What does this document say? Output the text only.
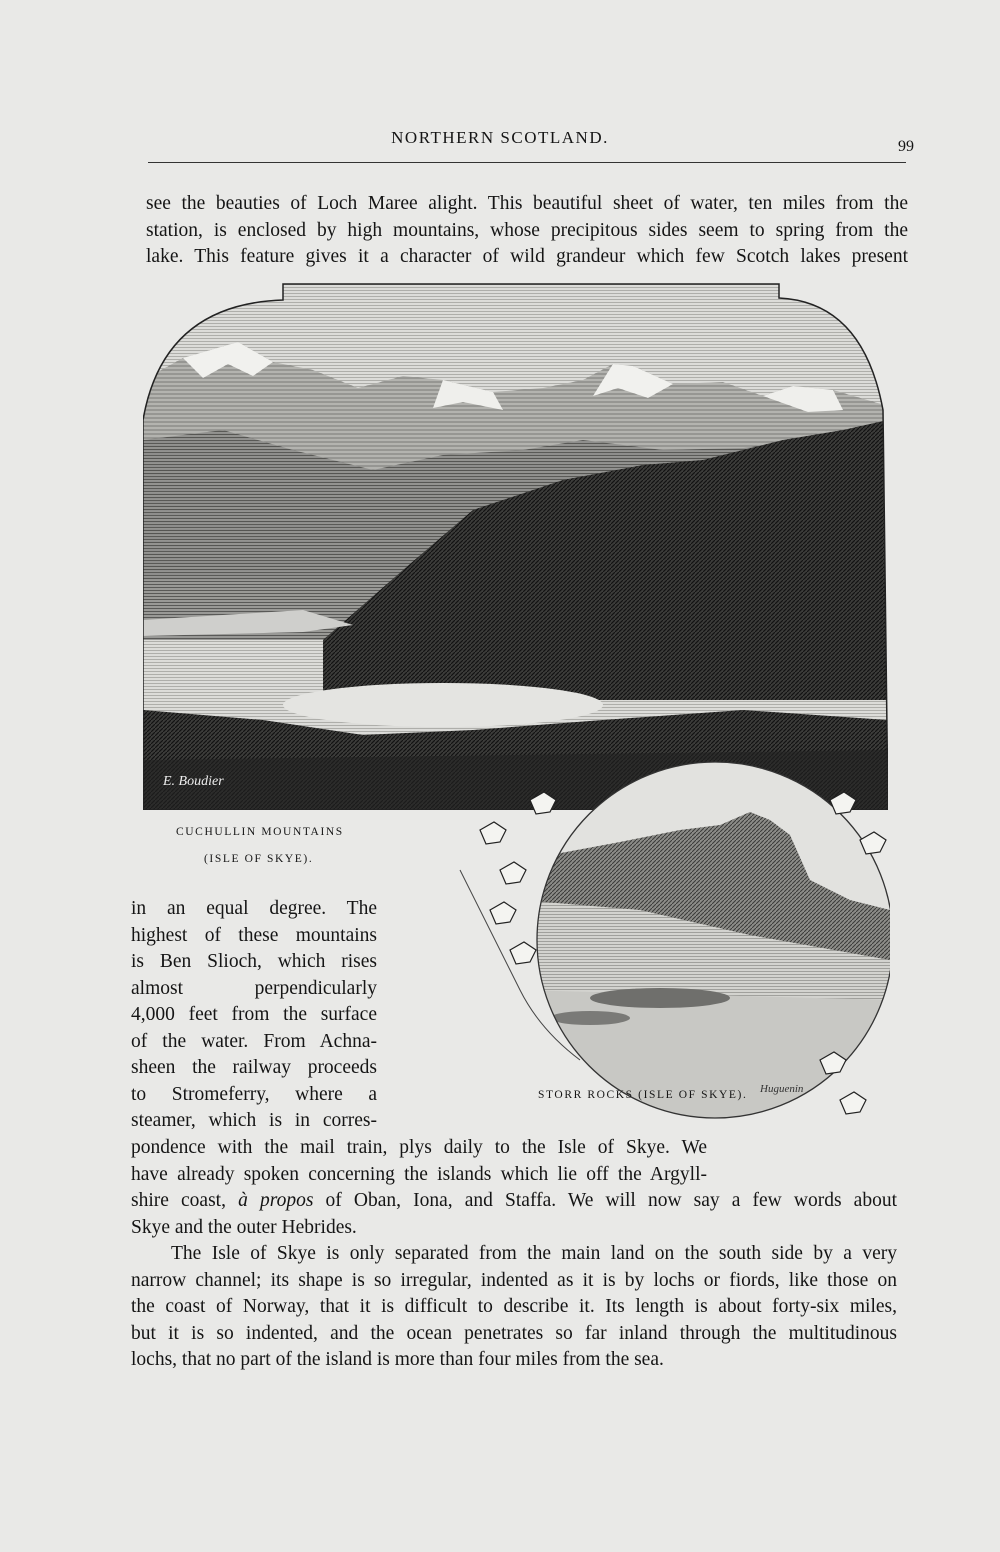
NORTHERN SCOTLAND.	99

see the beauties of Loch Maree alight. This beautiful sheet of water, ten miles from the
station, is enclosed by high mountains, whose precipitous sides seem to spring from the
lake. This feature gives it a character of wild grandeur which few Scotch lakes present

E. Boudier
CUCHULLIN MOUNTAINS
(ISLE OF SKYE).
Huguenin
STORR ROCKS (ISLE OF SKYE).

in an equal degree. The
highest of these mountains
is Ben Slioch, which rises
almost perpendicularly
4,000 feet from the surface
of the water. From Achna-
sheen the railway proceeds
to Stromeferry, where a
steamer, which is in corres-

pondence with the mail train, plys daily to the Isle of Skye. We
have already spoken concerning the islands which lie off the Argyll-
shire coast, à propos of Oban, Iona, and Staffa. We will now say a few words about
Skye and the outer Hebrides.
The Isle of Skye is only separated from the main land on the south side by a very
narrow channel; its shape is so irregular, indented as it is by lochs or fiords, like those on
the coast of Norway, that it is difficult to describe it. Its length is about forty-six miles,
but it is so indented, and the ocean penetrates so far inland through the multitudinous
lochs, that no part of the island is more than four miles from the sea.
